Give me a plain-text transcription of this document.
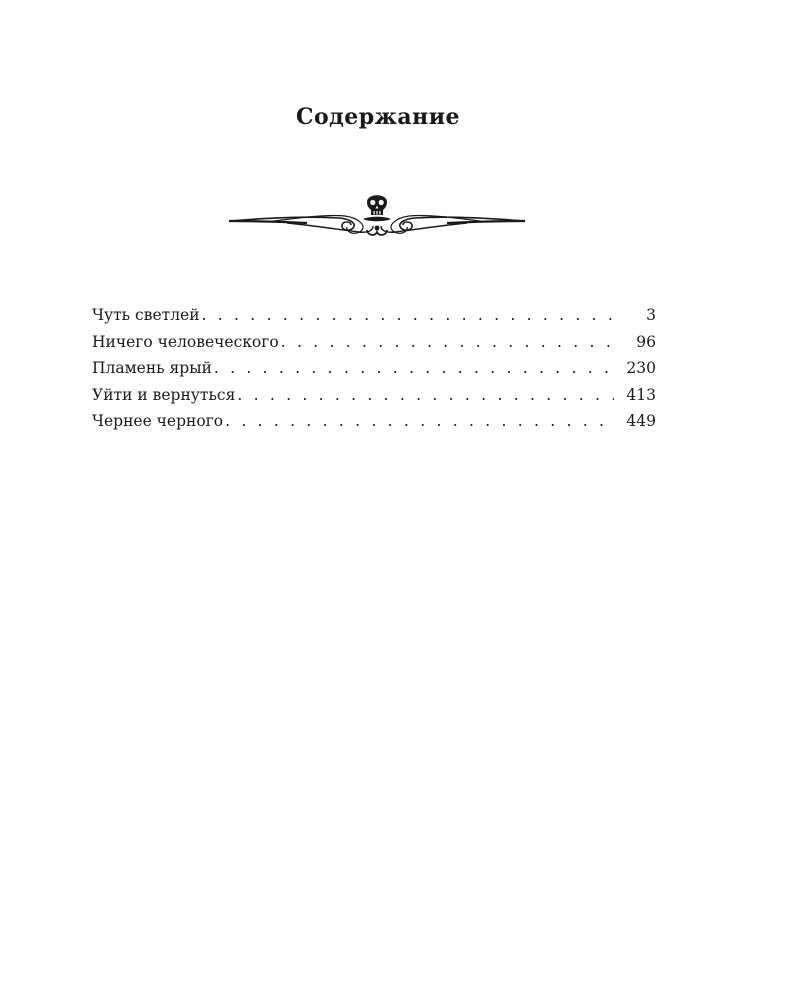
Содержание
Чуть светлей . . .	3
Ничего человеческого . . .	96
Пламень ярый . . .	230
Уйти и вернуться . . .	413
Чернее черного . . .	449
